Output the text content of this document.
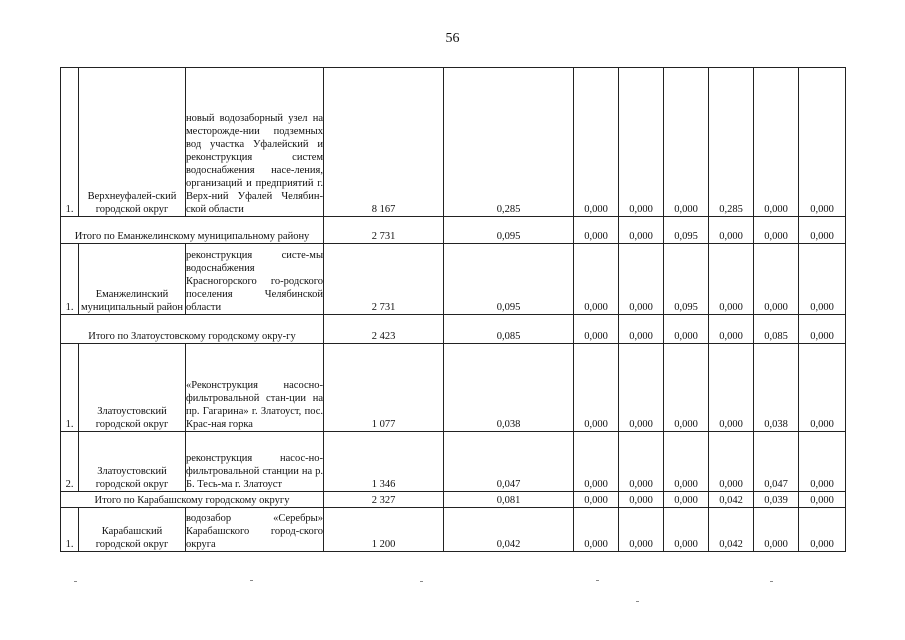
56
1.	Верхнеуфалей-ский городской округ	новый водозаборный узел на месторожде-нии подземных вод участка Уфалейский и реконструкция систем водоснабжения насе-ления, организаций и предприятий г. Верх-ний Уфалей Челябин-ской области	8 167	0,285	0,000	0,000	0,000	0,285	0,000	0,000
Итого по Еманжелинскому муниципальному району			2 731	0,095	0,000	0,000	0,095	0,000	0,000	0,000
1.	Еманжелинский муниципальный район	реконструкция систе-мы водоснабжения Красногорского го-родского поселения Челябинской области	2 731	0,095	0,000	0,000	0,095	0,000	0,000	0,000
Итого по Златоустовскому городскому окру-гу			2 423	0,085	0,000	0,000	0,000	0,000	0,085	0,000
1.	Златоустовский городской округ	«Реконструкция насосно-фильтровальной стан-ции на пр. Гагарина» г. Златоуст, пос. Крас-ная горка	1 077	0,038	0,000	0,000	0,000	0,000	0,038	0,000
2.	Златоустовский городской округ	реконструкция насос-но-фильтровальной станции на р. Б. Тесь-ма г. Златоуст	1 346	0,047	0,000	0,000	0,000	0,000	0,047	0,000
Итого по Карабашскому городскому округу			2 327	0,081	0,000	0,000	0,000	0,042	0,039	0,000
1.	Карабашский городской округ	водозабор «Серебры» Карабашского город-ского округа	1 200	0,042	0,000	0,000	0,000	0,042	0,000	0,000
